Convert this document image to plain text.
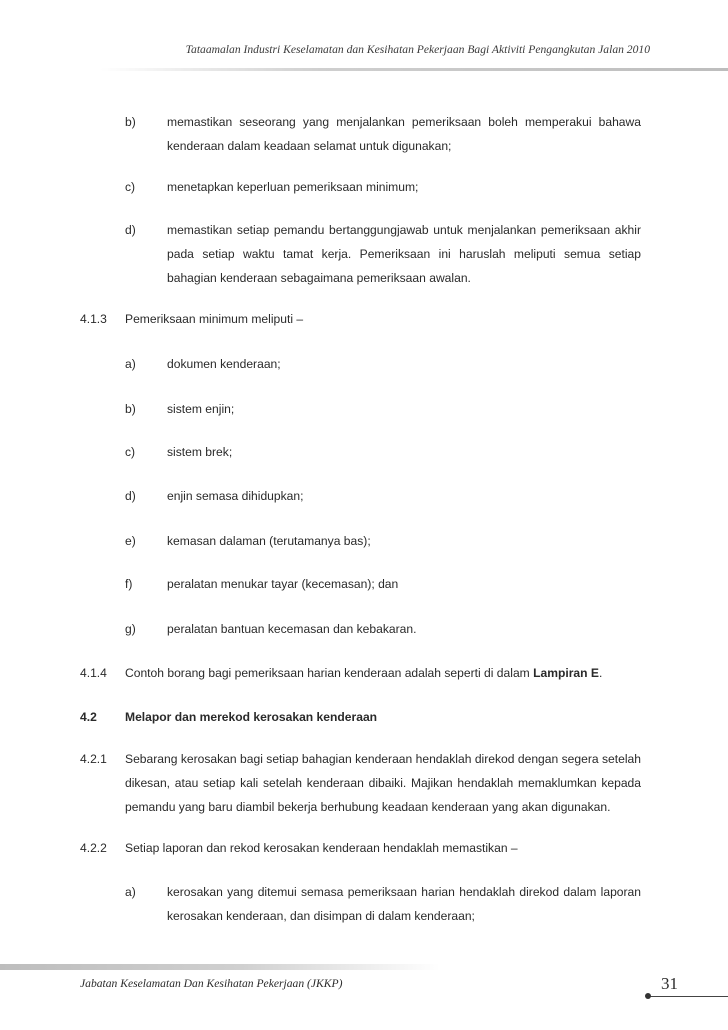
Tataamalan Industri Keselamatan dan Kesihatan Pekerjaan Bagi Aktiviti Pengangkutan Jalan 2010
b)	memastikan seseorang yang menjalankan pemeriksaan boleh memperakui bahawa kenderaan dalam keadaan selamat untuk digunakan;
c)	menetapkan keperluan pemeriksaan minimum;
d)	memastikan setiap pemandu bertanggungjawab untuk menjalankan pemeriksaan akhir pada setiap waktu tamat kerja. Pemeriksaan ini haruslah meliputi semua setiap bahagian kenderaan sebagaimana pemeriksaan awalan.
4.1.3 Pemeriksaan minimum meliputi –
a)	dokumen kenderaan;
b)	sistem enjin;
c)	sistem brek;
d)	enjin semasa dihidupkan;
e)	kemasan dalaman (terutamanya bas);
f)	peralatan menukar tayar (kecemasan); dan
g)	peralatan bantuan kecemasan dan kebakaran.
4.1.4 Contoh borang bagi pemeriksaan harian kenderaan adalah seperti di dalam Lampiran E.
4.2 Melapor dan merekod kerosakan kenderaan
4.2.1 Sebarang kerosakan bagi setiap bahagian kenderaan hendaklah direkod dengan segera setelah dikesan, atau setiap kali setelah kenderaan dibaiki. Majikan hendaklah memaklumkan kepada pemandu yang baru diambil bekerja berhubung keadaan kenderaan yang akan digunakan.
4.2.2 Setiap laporan dan rekod kerosakan kenderaan hendaklah memastikan –
a)	kerosakan yang ditemui semasa pemeriksaan harian hendaklah direkod dalam laporan kerosakan kenderaan, dan disimpan di dalam kenderaan;
Jabatan Keselamatan Dan Kesihatan Pekerjaan (JKKP)	31
